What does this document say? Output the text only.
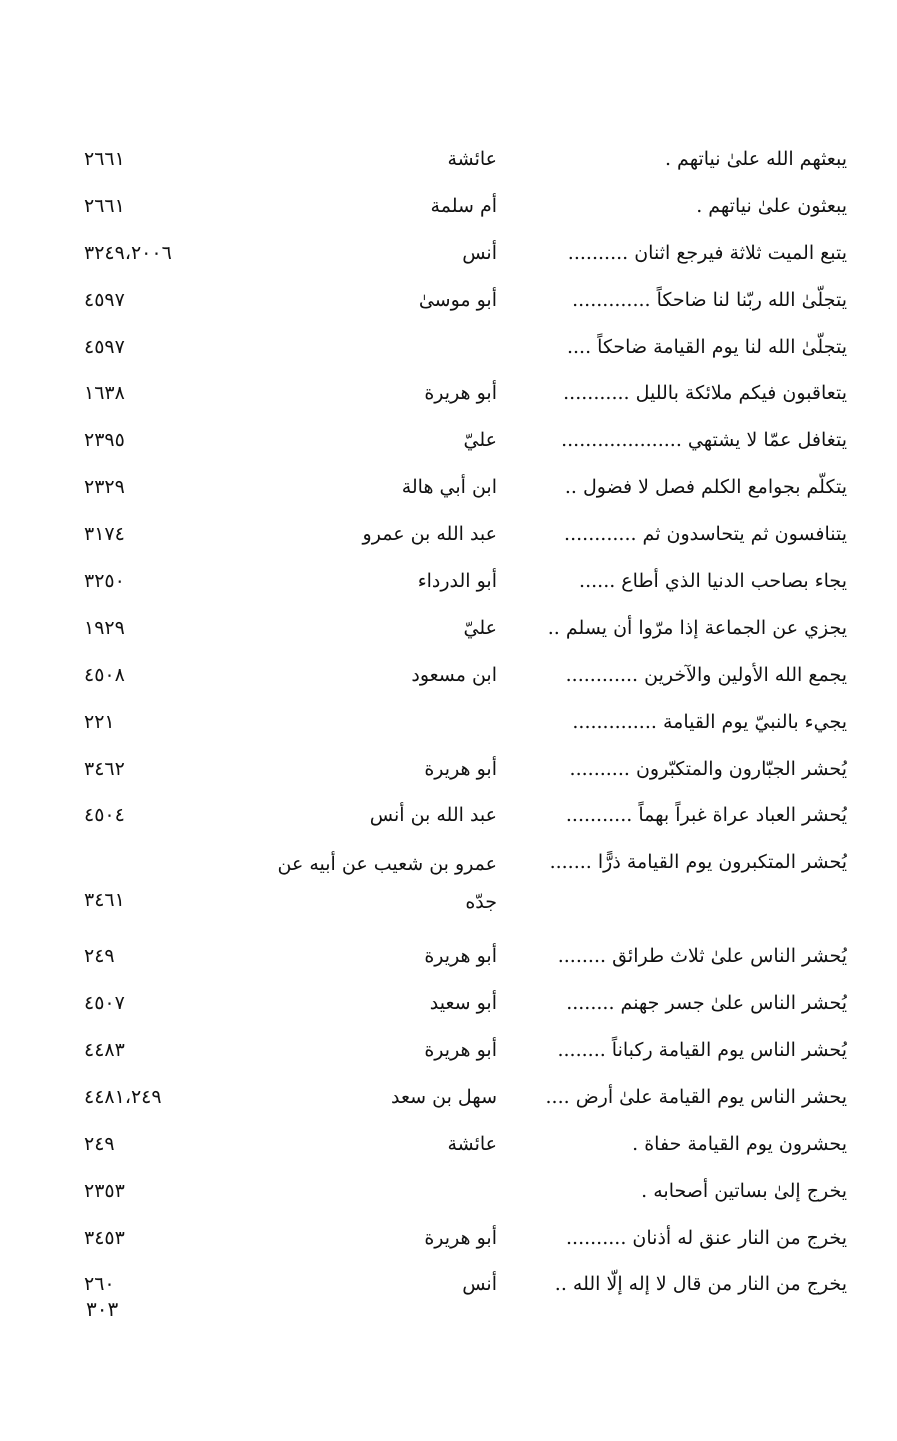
يبعثهم الله علىٰ نياتهم .
عائشة
٢٦٦١
يبعثون علىٰ نياتهم .
أم سلمة
٢٦٦١
يتبع الميت ثلاثة فيرجع اثنان ..........
أنس
٣٢٤٩،٢٠٠٦
يتجلّىٰ الله ربّنا لنا ضاحكاً .............
أبو موسىٰ
٤٥٩٧
يتجلّىٰ الله لنا يوم القيامة ضاحكاً ....
٤٥٩٧
يتعاقبون فيكم ملائكة بالليل ...........
أبو هريرة
١٦٣٨
يتغافل عمّا لا يشتهي ....................
عليّ
٢٣٩٥
يتكلّم بجوامع الكلم فصل لا فضول ..
ابن أبي هالة
٢٣٢٩
يتنافسون ثم يتحاسدون ثم ............
عبد الله بن عمرو
٣١٧٤
يجاء بصاحب الدنيا الذي أطاع ......
أبو الدرداء
٣٢٥٠
يجزي عن الجماعة إذا مرّوا أن يسلم ..
عليّ
١٩٢٩
يجمع الله الأولين والآخرين ............
ابن مسعود
٤٥٠٨
يجيء بالنبيّ يوم القيامة ..............
٢٢١
يُحشر الجبّارون والمتكبّرون ..........
أبو هريرة
٣٤٦٢
يُحشر العباد عراة غبراً بهماً ...........
عبد الله بن أنس
٤٥٠٤
يُحشر المتكبرون يوم القيامة ذرًّا .......
عمرو بن شعيب عن أبيه عن جدّه
٣٤٦١
يُحشر الناس علىٰ ثلاث طرائق ........
أبو هريرة
٢٤٩
يُحشر الناس علىٰ جسر جهنم ........
أبو سعيد
٤٥٠٧
يُحشر الناس يوم القيامة ركباناً ........
أبو هريرة
٤٤٨٣
يحشر الناس يوم القيامة علىٰ أرض ....
سهل بن سعد
٤٤٨١،٢٤٩
يحشرون يوم القيامة حفاة .
عائشة
٢٤٩
يخرج إلىٰ بساتين أصحابه .
٢٣٥٣
يخرج من النار عنق له أذنان ..........
أبو هريرة
٣٤٥٣
يخرج من النار من قال لا إله إلّا الله ..
أنس
٢٦٠
٣٠٣
